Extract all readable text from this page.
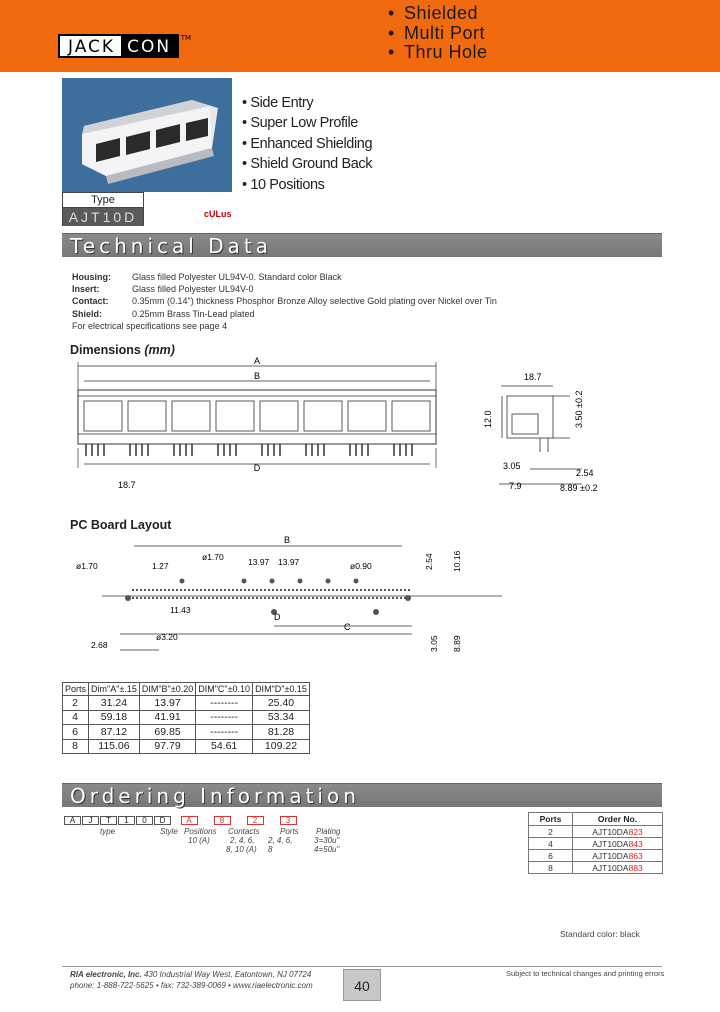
JACK CON	TM
• Shielded
• Multi Port
• Thru Hole
Type
AJT10D	cULus
• Side Entry
• Super Low Profile
• Enhanced Shielding
• Shield Ground Back
• 10 Positions
Technical Data
Housing:	Glass filled Polyester UL94V-0. Standard color Black
Insert:	Glass filled Polyester UL94V-0
Contact:	0.35mm (0.14") thickness Phosphor Bronze Alloy selective Gold plating over Nickel over Tin
Shield:	0.25mm Brass Tin-Lead plated
For electrical specifications see page 4
Dimensions (mm)
A
B
D
18.7
18.7
12.0	3.50 ±0.2
3.05
2.54
7.9	8.89 ±0.2
PC Board Layout
B
C
D
ø1.70
ø1.70
ø0.90
ø3.20
1.27	13.97 13.97
11.43
2.68
2.54 10.16
3.05 8.89
Ports	Dim"A"±.15	DIM"B"±0.20	DIM"C"±0.10	DIM"D"±0.15
2	31.24	13.97	--------	25.40
4	59.18	41.91	--------	53.34
6	87.12	69.85	--------	81.28
8	115.06	97.79	54.61	109.22
Ordering Information
A J T 1 0 D	A	8	2	3
type	Style Positions
10 (A)
Contacts
2, 4, 6,
8, 10 (A)
Ports
2, 4, 6, 8
Plating
3=30u"
4=50u"
Ports	Order No.
2	AJT10DA823
4	AJT10DA843
6	AJT10DA863
8	AJT10DA883
Standard color: black
RIA electronic, Inc. 430 Industrial Way West, Eatontown, NJ 07724
phone: 1-888-722-5625 • fax: 732-389-0069 • www.riaelectronic.com	40
Subject to technical changes and printing errors
